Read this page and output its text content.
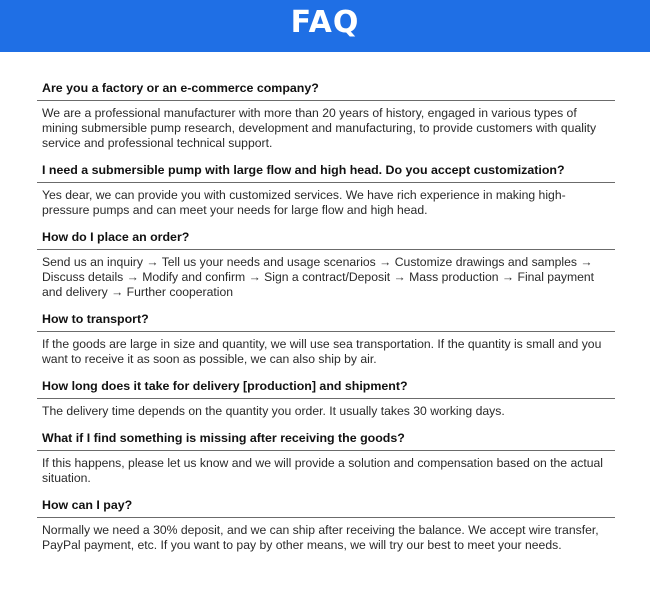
FAQ
Are you a factory or an e-commerce company?
We are a professional manufacturer with more than 20 years of history, engaged in various types of mining submersible pump research, development and manufacturing, to provide customers with quality service and professional technical support.
I need a submersible pump with large flow and high head. Do you accept customization?
Yes dear, we can provide you with customized services. We have rich experience in making high-pressure pumps and can meet your needs for large flow and high head.
How do I place an order?
Send us an inquiry → Tell us your needs and usage scenarios → Customize drawings and samples → Discuss details → Modify and confirm → Sign a contract/Deposit → Mass production → Final payment and delivery → Further cooperation
How to transport?
If the goods are large in size and quantity, we will use sea transportation. If the quantity is small and you want to receive it as soon as possible, we can also ship by air.
How long does it take for delivery [production] and shipment?
The delivery time depends on the quantity you order. It usually takes 30 working days.
What if I find something is missing after receiving the goods?
If this happens, please let us know and we will provide a solution and compensation based on the actual situation.
How can I pay?
Normally we need a 30% deposit, and we can ship after receiving the balance. We accept wire transfer, PayPal payment, etc. If you want to pay by other means, we will try our best to meet your needs.
